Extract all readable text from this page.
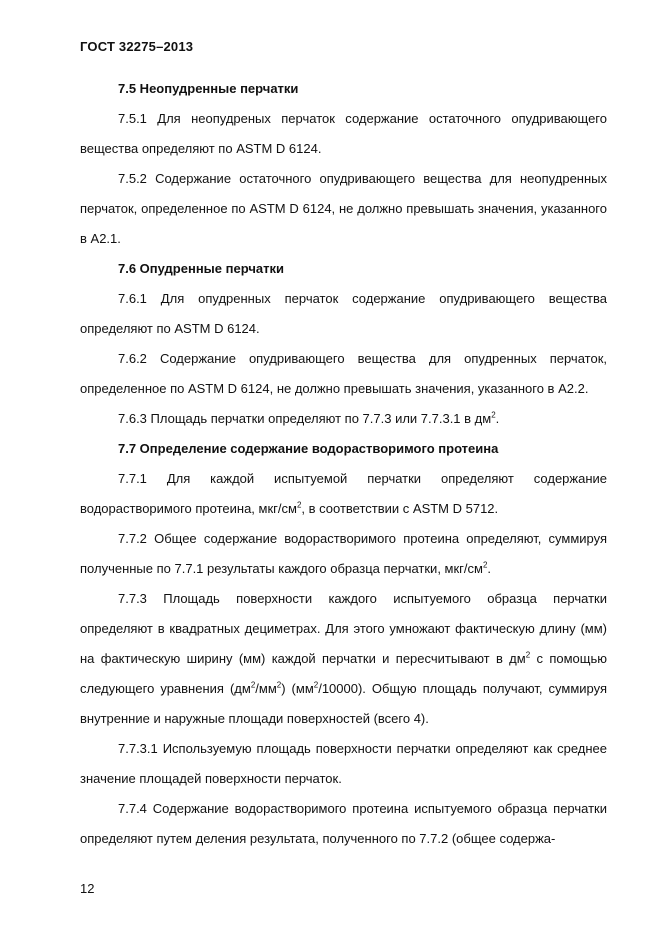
ГОСТ 32275–2013

7.5 Неопудренные перчатки

7.5.1 Для неопудреных перчаток содержание остаточного опудривающего вещества определяют по ASTM D 6124.

7.5.2 Содержание остаточного опудривающего вещества для неопудренных перчаток, определенное по ASTM D 6124, не должно превышать значения, указанного в А2.1.

7.6 Опудренные перчатки

7.6.1 Для опудренных перчаток содержание опудривающего вещества определяют по ASTM D 6124.

7.6.2 Содержание опудривающего вещества для опудренных перчаток, определенное по ASTM D 6124, не должно превышать значения, указанного в А2.2.

7.6.3 Площадь перчатки определяют по 7.7.3 или 7.7.3.1 в $дм^2$.

7.7 Определение содержание водорастворимого протеина

7.7.1 Для каждой испытуемой перчатки определяют содержание водорастворимого протеина, мкг/$см^2$, в соответствии с ASTM D 5712.

7.7.2 Общее содержание водорастворимого протеина определяют, суммируя полученные по 7.7.1 результаты каждого образца перчатки, мкг/$см^2$.

7.7.3 Площадь поверхности каждого испытуемого образца перчатки определяют в квадратных дециметрах. Для этого умножают фактическую длину (мм) на фактическую ширину (мм) каждой перчатки и пересчитывают в $дм^2$ с помощью следующего уравнения $(дм^2/мм^2)$ $(мм^2/10000)$. Общую площадь получают, суммируя внутренние и наружные площади поверхностей (всего 4).

7.7.3.1 Используемую площадь поверхности перчатки определяют как среднее значение площадей поверхности перчаток.

7.7.4 Содержание водорастворимого протеина испытуемого образца перчатки определяют путем деления результата, полученного по 7.7.2 (общее содержа-

12
